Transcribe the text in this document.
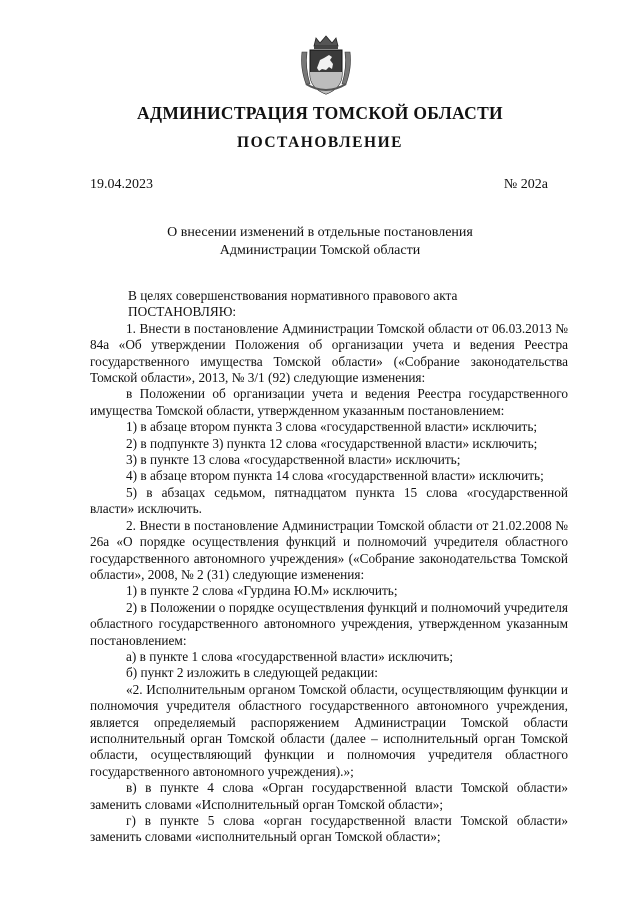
АДМИНИСТРАЦИЯ ТОМСКОЙ ОБЛАСТИ
ПОСТАНОВЛЕНИЕ
19.04.2023	№ 202а
О внесении изменений в отдельные постановления
Администрации Томской области

В целях совершенствования нормативного правового акта

ПОСТАНОВЛЯЮ:

1. Внести в постановление Администрации Томской области от 06.03.2013 № 84а «Об утверждении Положения об организации учета и ведения Реестра государственного имущества Томской области» («Собрание законодательства Томской области», 2013, № 3/1 (92) следующие изменения:

в Положении об организации учета и ведения Реестра государственного имущества Томской области, утвержденном указанным постановлением:

1) в абзаце втором пункта 3 слова «государственной власти» исключить;

2) в подпункте 3) пункта 12 слова «государственной власти» исключить;

3) в пункте 13 слова «государственной власти» исключить;

4) в абзаце втором пункта 14 слова «государственной власти» исключить;

5) в абзацах седьмом, пятнадцатом пункта 15 слова «государственной власти» исключить.

2. Внести в постановление Администрации Томской области от 21.02.2008 № 26а «О порядке осуществления функций и полномочий учредителя областного государственного автономного учреждения» («Собрание законодательства Томской области», 2008, № 2 (31) следующие изменения:

1) в пункте 2 слова «Гурдина Ю.М» исключить;

2) в Положении о порядке осуществления функций и полномочий учредителя областного государственного автономного учреждения, утвержденном указанным постановлением:

а) в пункте 1 слова «государственной власти» исключить;

б) пункт 2 изложить в следующей редакции:

«2. Исполнительным органом Томской области, осуществляющим функции и полномочия учредителя областного государственного автономного учреждения, является определяемый распоряжением Администрации Томской области исполнительный орган Томской области (далее – исполнительный орган Томской области, осуществляющий функции и полномочия учредителя областного государственного автономного учреждения).»;

в) в пункте 4 слова «Орган государственной власти Томской области» заменить словами «Исполнительный орган Томской области»;

г) в пункте 5 слова «орган государственной власти Томской области» заменить словами «исполнительный орган Томской области»;
